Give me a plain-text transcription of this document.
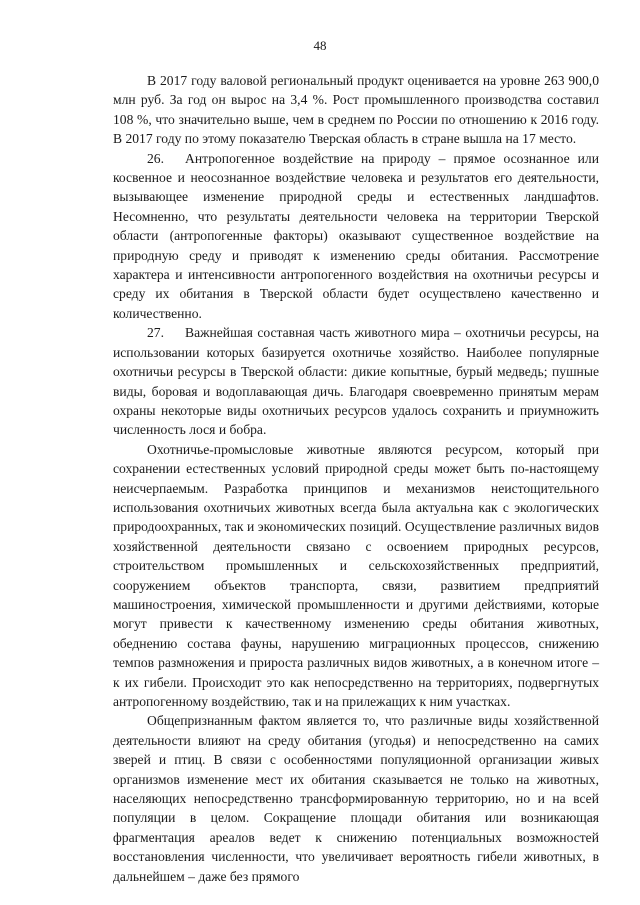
48

В 2017 году валовой региональный продукт оценивается на уровне 263 900,0 млн руб. За год он вырос на 3,4 %. Рост промышленного производства составил 108 %, что значительно выше, чем в среднем по России по отношению к 2016 году. В 2017 году по этому показателю Тверская область в стране вышла на 17 место.

26. Антропогенное воздействие на природу – прямое осознанное или косвенное и неосознанное воздействие человека и результатов его деятельности, вызывающее изменение природной среды и естественных ландшафтов. Несомненно, что результаты деятельности человека на территории Тверской области (антропогенные факторы) оказывают существенное воздействие на природную среду и приводят к изменению среды обитания. Рассмотрение характера и интенсивности антропогенного воздействия на охотничьи ресурсы и среду их обитания в Тверской области будет осуществлено качественно и количественно.

27. Важнейшая составная часть животного мира – охотничьи ресурсы, на использовании которых базируется охотничье хозяйство. Наиболее популярные охотничьи ресурсы в Тверской области: дикие копытные, бурый медведь; пушные виды, боровая и водоплавающая дичь. Благодаря своевременно принятым мерам охраны некоторые виды охотничьих ресурсов удалось сохранить и приумножить численность лося и бобра.

Охотничье-промысловые животные являются ресурсом, который при сохранении естественных условий природной среды может быть по-настоящему неисчерпаемым. Разработка принципов и механизмов неистощительного использования охотничьих животных всегда была актуальна как с экологических природоохранных, так и экономических позиций. Осуществление различных видов хозяйственной деятельности связано с освоением природных ресурсов, строительством промышленных и сельскохозяйственных предприятий, сооружением объектов транспорта, связи, развитием предприятий машиностроения, химической промышленности и другими действиями, которые могут привести к качественному изменению среды обитания животных, обеднению состава фауны, нарушению миграционных процессов, снижению темпов размножения и прироста различных видов животных, а в конечном итоге – к их гибели. Происходит это как непосредственно на территориях, подвергнутых антропогенному воздействию, так и на прилежащих к ним участках.

Общепризнанным фактом является то, что различные виды хозяйственной деятельности влияют на среду обитания (угодья) и непосредственно на самих зверей и птиц. В связи с особенностями популяционной организации живых организмов изменение мест их обитания сказывается не только на животных, населяющих непосредственно трансформированную территорию, но и на всей популяции в целом. Сокращение площади обитания или возникающая фрагментация ареалов ведет к снижению потенциальных возможностей восстановления численности, что увеличивает вероятность гибели животных, в дальнейшем – даже без прямого
